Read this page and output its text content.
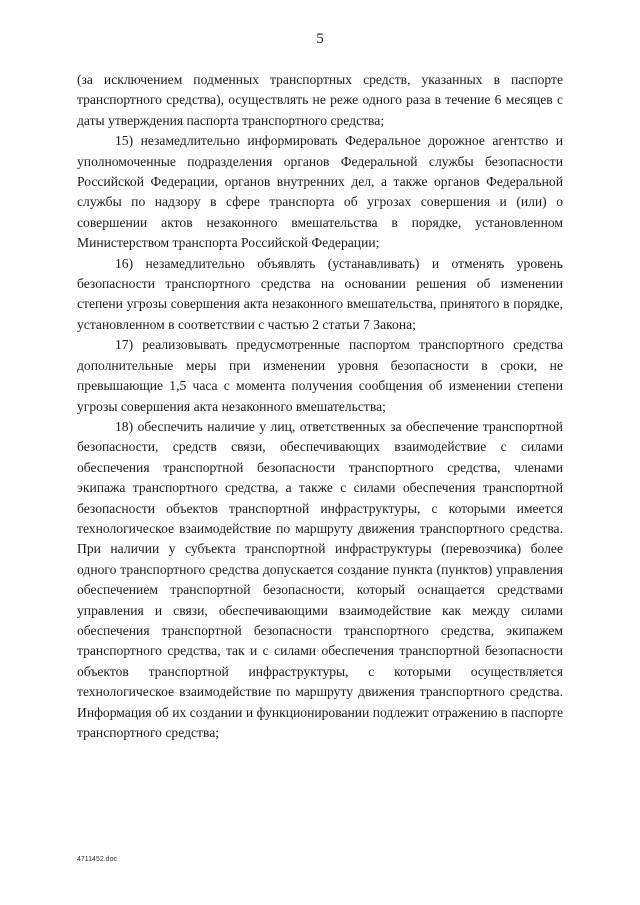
5

(за исключением подменных транспортных средств, указанных в паспорте транспортного средства), осуществлять не реже одного раза в течение 6 месяцев с даты утверждения паспорта транспортного средства;

15) незамедлительно информировать Федеральное дорожное агентство и уполномоченные подразделения органов Федеральной службы безопасности Российской Федерации, органов внутренних дел, а также органов Федеральной службы по надзору в сфере транспорта об угрозах совершения и (или) о совершении актов незаконного вмешательства в порядке, установленном Министерством транспорта Российской Федерации;

16) незамедлительно объявлять (устанавливать) и отменять уровень безопасности транспортного средства на основании решения об изменении степени угрозы совершения акта незаконного вмешательства, принятого в порядке, установленном в соответствии с частью 2 статьи 7 Закона;

17) реализовывать предусмотренные паспортом транспортного средства дополнительные меры при изменении уровня безопасности в сроки, не превышающие 1,5 часа с момента получения сообщения об изменении степени угрозы совершения акта незаконного вмешательства;

18) обеспечить наличие у лиц, ответственных за обеспечение транспортной безопасности, средств связи, обеспечивающих взаимодействие с силами обеспечения транспортной безопасности транспортного средства, членами экипажа транспортного средства, а также с силами обеспечения транспортной безопасности объектов транспортной инфраструктуры, с которыми имеется технологическое взаимодействие по маршруту движения транспортного средства. При наличии у субъекта транспортной инфраструктуры (перевозчика) более одного транспортного средства допускается создание пункта (пунктов) управления обеспечением транспортной безопасности, который оснащается средствами управления и связи, обеспечивающими взаимодействие как между силами обеспечения транспортной безопасности транспортного средства, экипажем транспортного средства, так и с силами обеспечения транспортной безопасности объектов транспортной инфраструктуры, с которыми осуществляется технологическое взаимодействие по маршруту движения транспортного средства. Информация об их создании и функционировании подлежит отражению в паспорте транспортного средства;

4711452.doc
